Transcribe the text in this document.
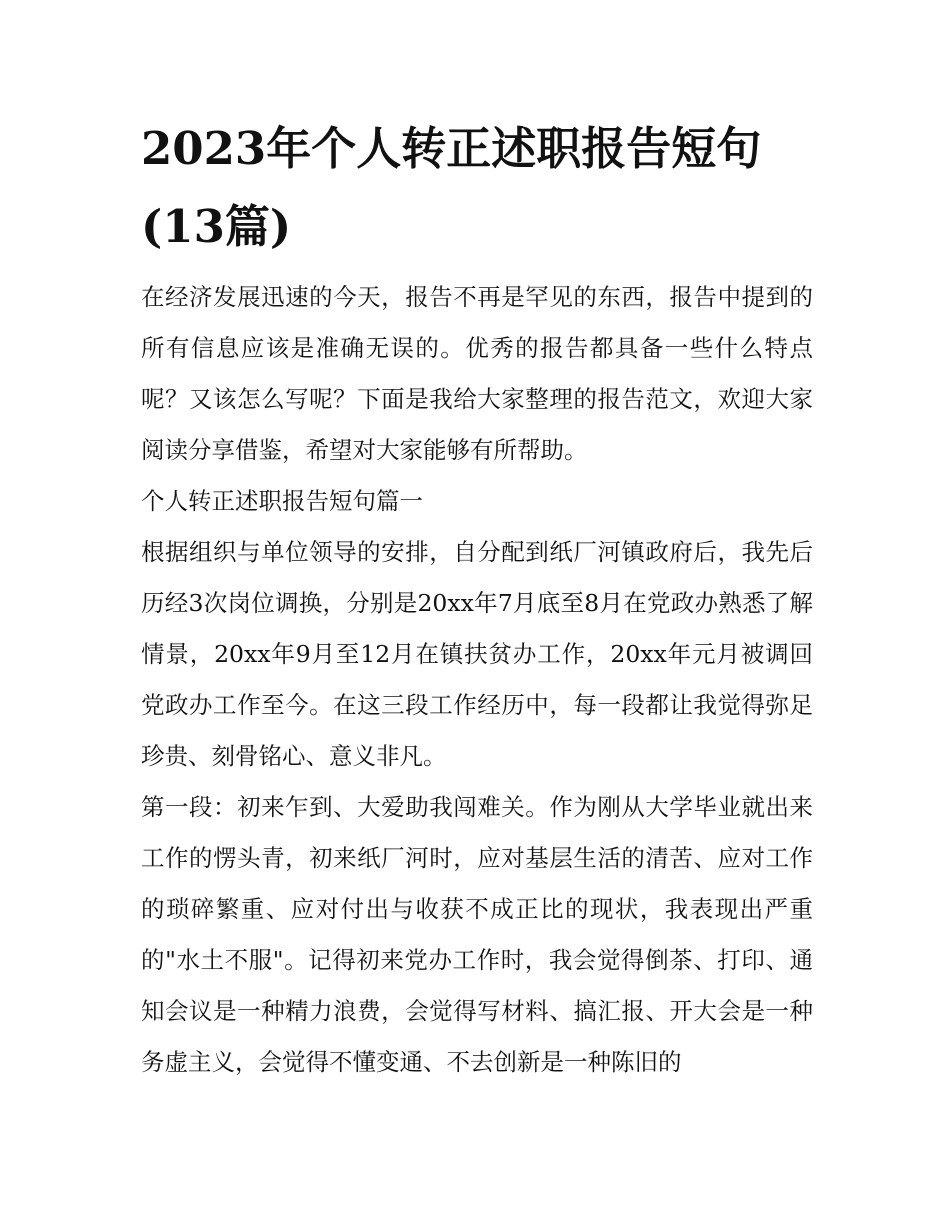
2023年个人转正述职报告短句(13篇)

在经济发展迅速的今天，报告不再是罕见的东西，报告中提到的所有信息应该是准确无误的。优秀的报告都具备一些什么特点呢？又该怎么写呢？下面是我给大家整理的报告范文，欢迎大家阅读分享借鉴，希望对大家能够有所帮助。

个人转正述职报告短句篇一

根据组织与单位领导的安排，自分配到纸厂河镇政府后，我先后历经3次岗位调换，分别是20xx年7月底至8月在党政办熟悉了解情景，20xx年9月至12月在镇扶贫办工作，20xx年元月被调回党政办工作至今。在这三段工作经历中，每一段都让我觉得弥足珍贵、刻骨铭心、意义非凡。

第一段：初来乍到、大爱助我闯难关。作为刚从大学毕业就出来工作的愣头青，初来纸厂河时，应对基层生活的清苦、应对工作的琐碎繁重、应对付出与收获不成正比的现状，我表现出严重的"水土不服"。记得初来党办工作时，我会觉得倒茶、打印、通知会议是一种精力浪费，会觉得写材料、搞汇报、开大会是一种务虚主义，会觉得不懂变通、不去创新是一种陈旧的
